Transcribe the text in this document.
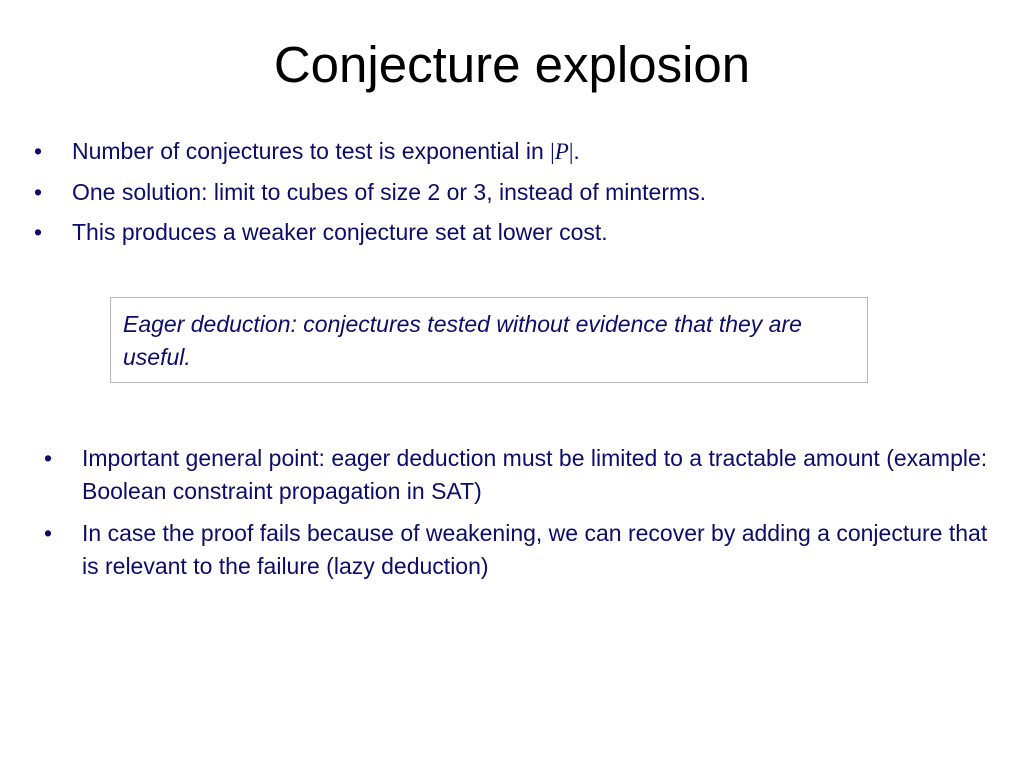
Conjecture explosion
• Number of conjectures to test is exponential in |P|.
• One solution: limit to cubes of size 2 or 3, instead of minterms.
• This produces a weaker conjecture set at lower cost.
Eager deduction: conjectures tested without evidence that they are useful.
• Important general point: eager deduction must be limited to a tractable amount (example: Boolean constraint propagation in SAT)
• In case the proof fails because of weakening, we can recover by adding a conjecture that is relevant to the failure (lazy deduction)
